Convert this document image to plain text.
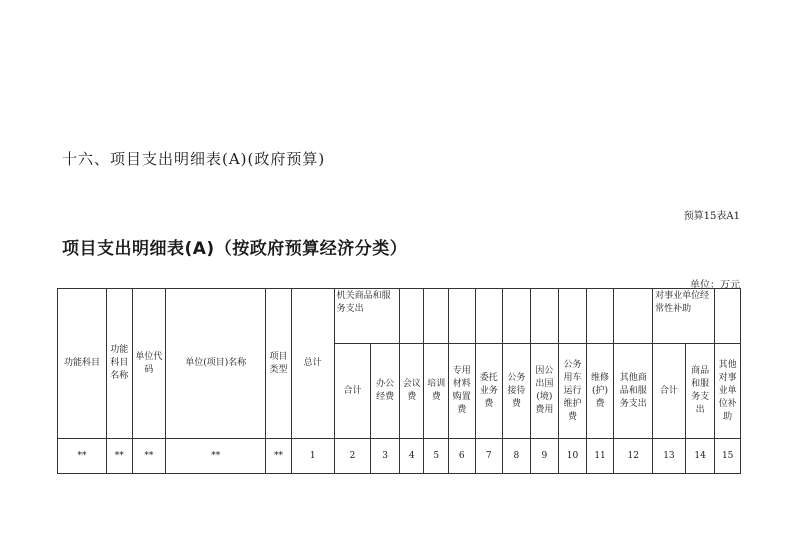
十六、项目支出明细表(A)(政府预算)
预算15表A1
项目支出明细表(A)（按政府预算经济分类）
单位：万元
功能科目	功能科目名称	单位代码	单位(项目)名称	项目类型	总计	机关商品和服务支出											对事业单位经常性补助		
						合计	办公经费	会议费	培训费	专用材料购置费	委托业务费	公务接待费	因公出国(境)费用	公务用车运行维护费	维修(护)费	其他商品和服务支出	合计	商品和服务支出	其他对事业单位补助
**	**	**	**	**	1	2	3	4	5	6	7	8	9	10	11	12	13	14	15
